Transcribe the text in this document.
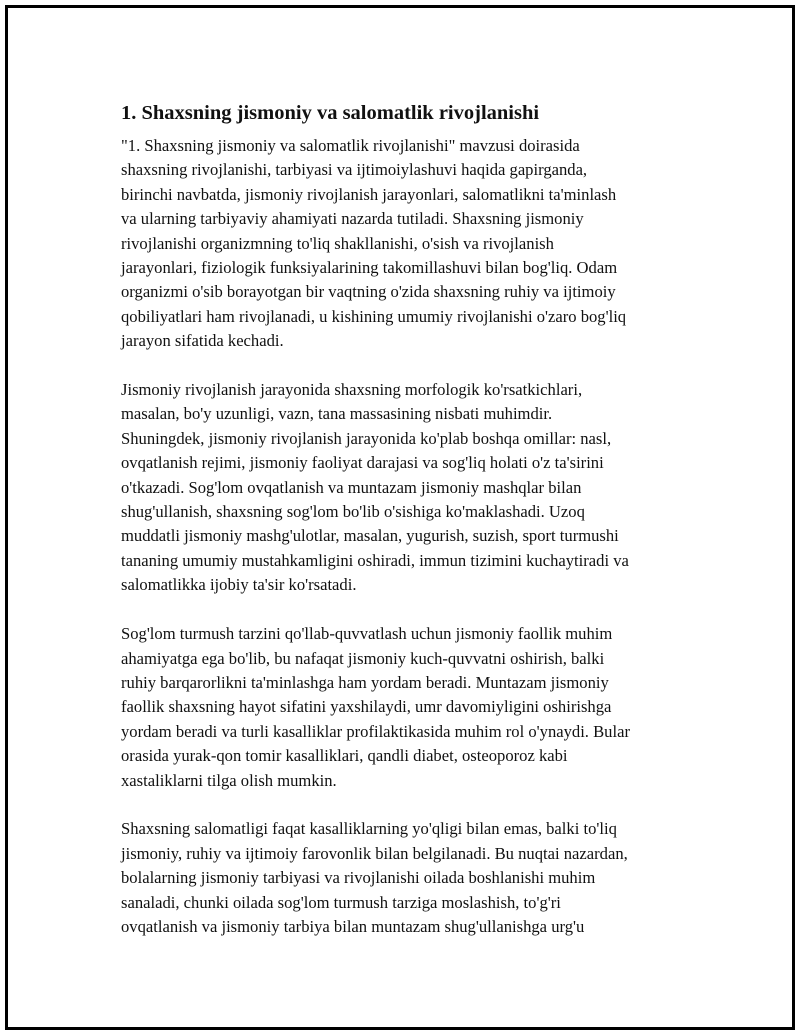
1. Shaxsning jismoniy va salomatlik rivojlanishi

"1. Shaxsning jismoniy va salomatlik rivojlanishi" mavzusi doirasida
shaxsning rivojlanishi, tarbiyasi va ijtimoiylashuvi haqida gapirganda,
birinchi navbatda, jismoniy rivojlanish jarayonlari, salomatlikni ta'minlash
va ularning tarbiyaviy ahamiyati nazarda tutiladi. Shaxsning jismoniy
rivojlanishi organizmning to'liq shakllanishi, o'sish va rivojlanish
jarayonlari, fiziologik funksiyalarining takomillashuvi bilan bog'liq. Odam
organizmi o'sib borayotgan bir vaqtning o'zida shaxsning ruhiy va ijtimoiy
qobiliyatlari ham rivojlanadi, u kishining umumiy rivojlanishi o'zaro bog'liq
jarayon sifatida kechadi.

Jismoniy rivojlanish jarayonida shaxsning morfologik ko'rsatkichlari,
masalan, bo'y uzunligi, vazn, tana massasining nisbati muhimdir.
Shuningdek, jismoniy rivojlanish jarayonida ko'plab boshqa omillar: nasl,
ovqatlanish rejimi, jismoniy faoliyat darajasi va sog'liq holati o'z ta'sirini
o'tkazadi. Sog'lom ovqatlanish va muntazam jismoniy mashqlar bilan
shug'ullanish, shaxsning sog'lom bo'lib o'sishiga ko'maklashadi. Uzoq
muddatli jismoniy mashg'ulotlar, masalan, yugurish, suzish, sport turmushi
tananing umumiy mustahkamligini oshiradi, immun tizimini kuchaytiradi va
salomatlikka ijobiy ta'sir ko'rsatadi.

Sog'lom turmush tarzini qo'llab-quvvatlash uchun jismoniy faollik muhim
ahamiyatga ega bo'lib, bu nafaqat jismoniy kuch-quvvatni oshirish, balki
ruhiy barqarorlikni ta'minlashga ham yordam beradi. Muntazam jismoniy
faollik shaxsning hayot sifatini yaxshilaydi, umr davomiyligini oshirishga
yordam beradi va turli kasalliklar profilaktikasida muhim rol o'ynaydi. Bular
orasida yurak-qon tomir kasalliklari, qandli diabet, osteoporoz kabi
xastaliklarni tilga olish mumkin.

Shaxsning salomatligi faqat kasalliklarning yo'qligi bilan emas, balki to'liq
jismoniy, ruhiy va ijtimoiy farovonlik bilan belgilanadi. Bu nuqtai nazardan,
bolalarning jismoniy tarbiyasi va rivojlanishi oilada boshlanishi muhim
sanaladi, chunki oilada sog'lom turmush tarziga moslashish, to'g'ri
ovqatlanish va jismoniy tarbiya bilan muntazam shug'ullanishga urg'u
